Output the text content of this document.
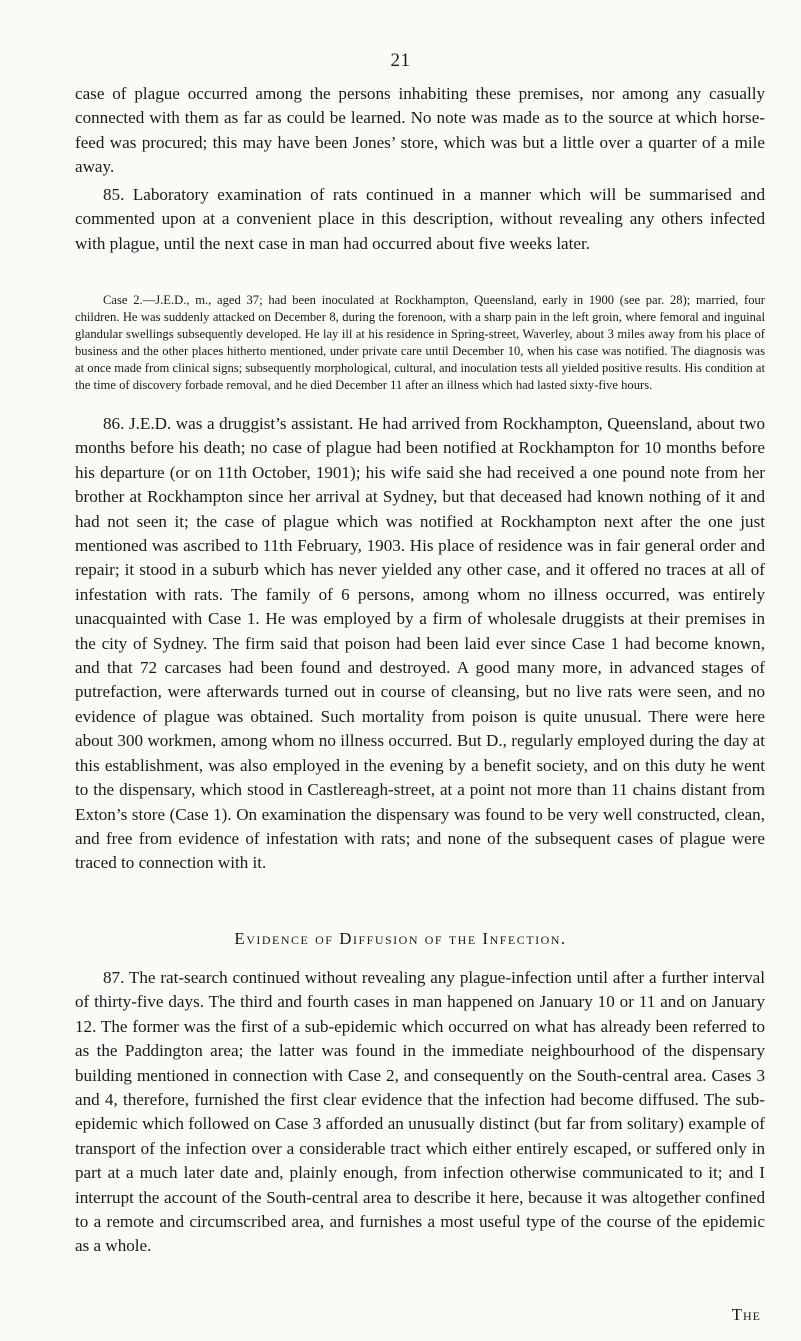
21

case of plague occurred among the persons inhabiting these premises, nor among any casually connected with them as far as could be learned. No note was made as to the source at which horse-feed was procured; this may have been Jones’ store, which was but a little over a quarter of a mile away.

85. Laboratory examination of rats continued in a manner which will be summarised and commented upon at a convenient place in this description, without revealing any others infected with plague, until the next case in man had occurred about five weeks later.

Case 2.—J.E.D., m., aged 37; had been inoculated at Rockhampton, Queensland, early in 1900 (see par. 28); married, four children. He was suddenly attacked on December 8, during the forenoon, with a sharp pain in the left groin, where femoral and inguinal glandular swellings subsequently developed. He lay ill at his residence in Spring-street, Waverley, about 3 miles away from his place of business and the other places hitherto mentioned, under private care until December 10, when his case was notified. The diagnosis was at once made from clinical signs; subsequently morphological, cultural, and inoculation tests all yielded positive results. His condition at the time of discovery forbade removal, and he died December 11 after an illness which had lasted sixty-five hours.

86. J.E.D. was a druggist’s assistant. He had arrived from Rockhampton, Queensland, about two months before his death; no case of plague had been notified at Rockhampton for 10 months before his departure (or on 11th October, 1901); his wife said she had received a one pound note from her brother at Rockhampton since her arrival at Sydney, but that deceased had known nothing of it and had not seen it; the case of plague which was notified at Rockhampton next after the one just mentioned was ascribed to 11th February, 1903. His place of residence was in fair general order and repair; it stood in a suburb which has never yielded any other case, and it offered no traces at all of infestation with rats. The family of 6 persons, among whom no illness occurred, was entirely unacquainted with Case 1. He was employed by a firm of wholesale druggists at their premises in the city of Sydney. The firm said that poison had been laid ever since Case 1 had become known, and that 72 carcases had been found and destroyed. A good many more, in advanced stages of putrefaction, were afterwards turned out in course of cleansing, but no live rats were seen, and no evidence of plague was obtained. Such mortality from poison is quite unusual. There were here about 300 workmen, among whom no illness occurred. But D., regularly employed during the day at this establishment, was also employed in the evening by a benefit society, and on this duty he went to the dispensary, which stood in Castlereagh-street, at a point not more than 11 chains distant from Exton’s store (Case 1). On examination the dispensary was found to be very well constructed, clean, and free from evidence of infestation with rats; and none of the subsequent cases of plague were traced to connection with it.

Evidence of Diffusion of the Infection.

87. The rat-search continued without revealing any plague-infection until after a further interval of thirty-five days. The third and fourth cases in man happened on January 10 or 11 and on January 12. The former was the first of a sub-epidemic which occurred on what has already been referred to as the Paddington area; the latter was found in the immediate neighbourhood of the dispensary building mentioned in connection with Case 2, and consequently on the South-central area. Cases 3 and 4, therefore, furnished the first clear evidence that the infection had become diffused. The sub-epidemic which followed on Case 3 afforded an unusually distinct (but far from solitary) example of transport of the infection over a considerable tract which either entirely escaped, or suffered only in part at a much later date and, plainly enough, from infection otherwise communicated to it; and I interrupt the account of the South-central area to describe it here, because it was altogether confined to a remote and circumscribed area, and furnishes a most useful type of the course of the epidemic as a whole.

The
